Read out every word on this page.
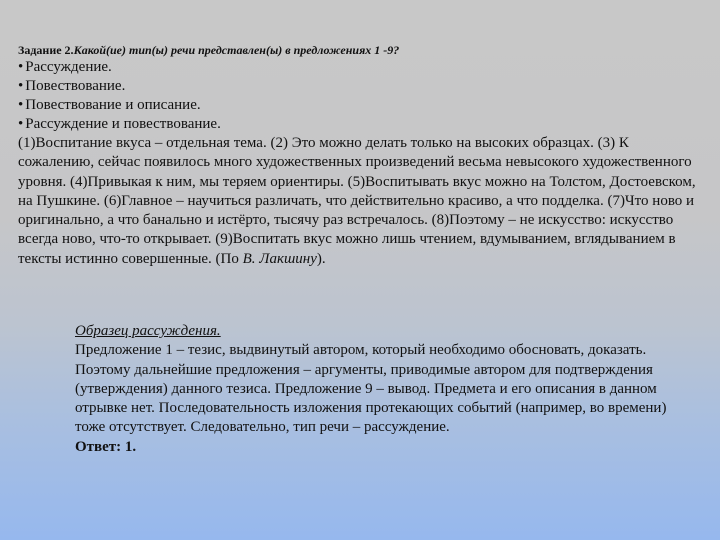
Задание 2.Какой(ие) тип(ы) речи представлен(ы) в предложениях 1 -9?
• Рассуждение.
• Повествование.
• Повествование и описание.
• Рассуждение и повествование.

(1)Воспитание вкуса – отдельная тема. (2) Это можно делать только на высоких образцах. (3) К сожалению, сейчас появилось много художественных произведений весьма невысокого художественного уровня. (4)Привыкая к ним, мы теряем ориентиры. (5)Воспитывать вкус можно на Толстом, Достоевском, на Пушкине. (6)Главное – научиться различать, что действительно красиво, а что подделка. (7)Что ново и оригинально, а что банально и истёрто, тысячу раз встречалось. (8)Поэтому – не искусство: искусство всегда ново, что-то открывает. (9)Воспитать вкус можно лишь чтением, вдумыванием, вглядыванием в тексты истинно совершенные. (По В. Лакшину).

Образец рассуждения.
Предложение 1 – тезис, выдвинутый автором, который необходимо обосновать, доказать. Поэтому дальнейшие предложения – аргументы, приводимые автором для подтверждения (утверждения) данного тезиса. Предложение 9 – вывод. Предмета и его описания в данном отрывке нет. Последовательность изложения протекающих событий (например, во времени) тоже отсутствует. Следовательно, тип речи – рассуждение.
Ответ: 1.
